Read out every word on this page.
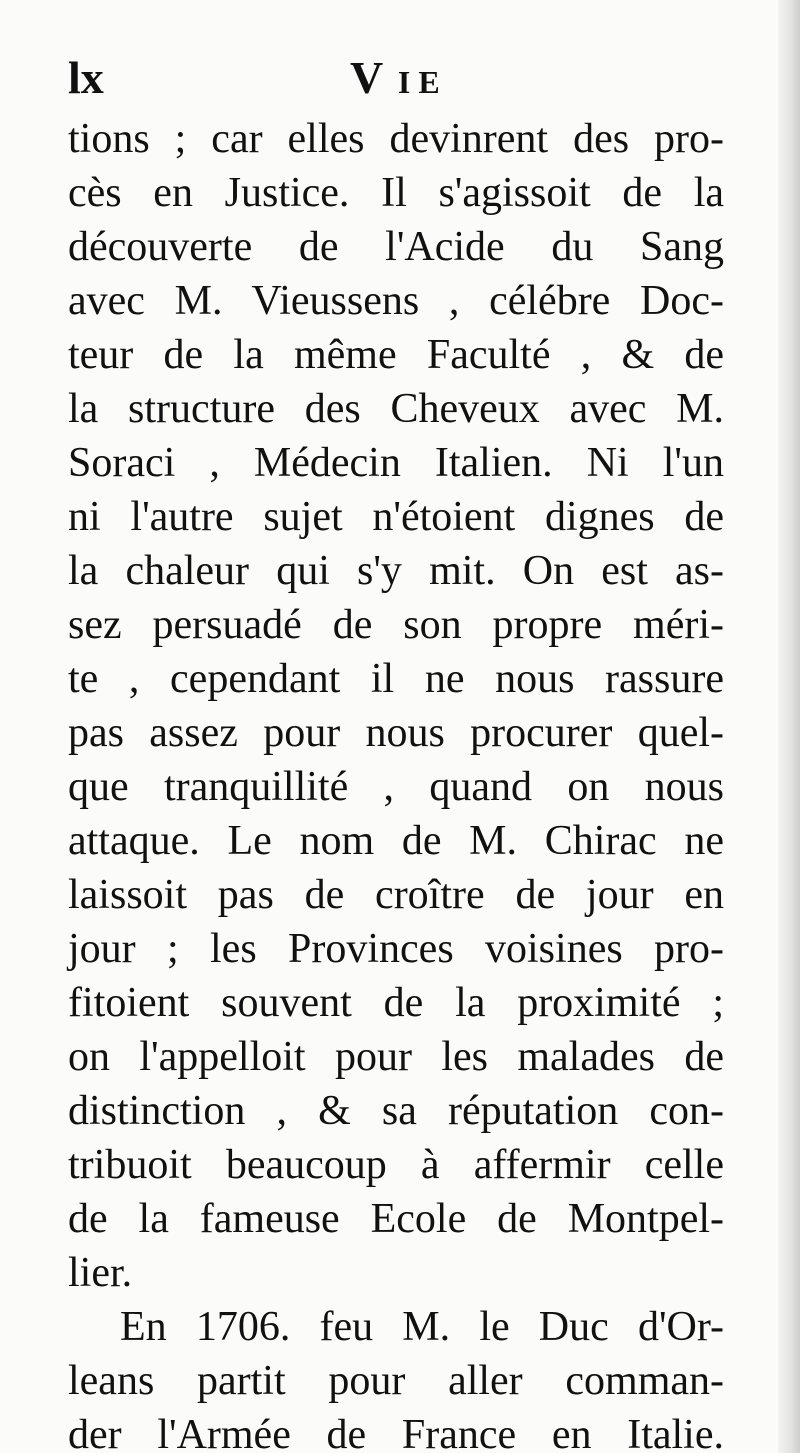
lx	V IE
tions ; car elles devinrent des pro-
cès en Justice. Il s'agissoit de la
découverte de l'Acide du Sang
avec M. Vieussens , célébre Doc-
teur de la même Faculté , & de
la structure des Cheveux avec M.
Soraci , Médecin Italien. Ni l'un
ni l'autre sujet n'étoient dignes de
la chaleur qui s'y mit. On est as-
sez persuadé de son propre méri-
te , cependant il ne nous rassure
pas assez pour nous procurer quel-
que tranquillité , quand on nous
attaque. Le nom de M. Chirac ne
laissoit pas de croître de jour en
jour ; les Provinces voisines pro-
fitoient souvent de la proximité ;
on l'appelloit pour les malades de
distinction , & sa réputation con-
tribuoit beaucoup à affermir celle
de la fameuse Ecole de Montpel-
lier.
En 1706. feu M. le Duc d'Or-
leans partit pour aller comman-
der l'Armée de France en Italie.
